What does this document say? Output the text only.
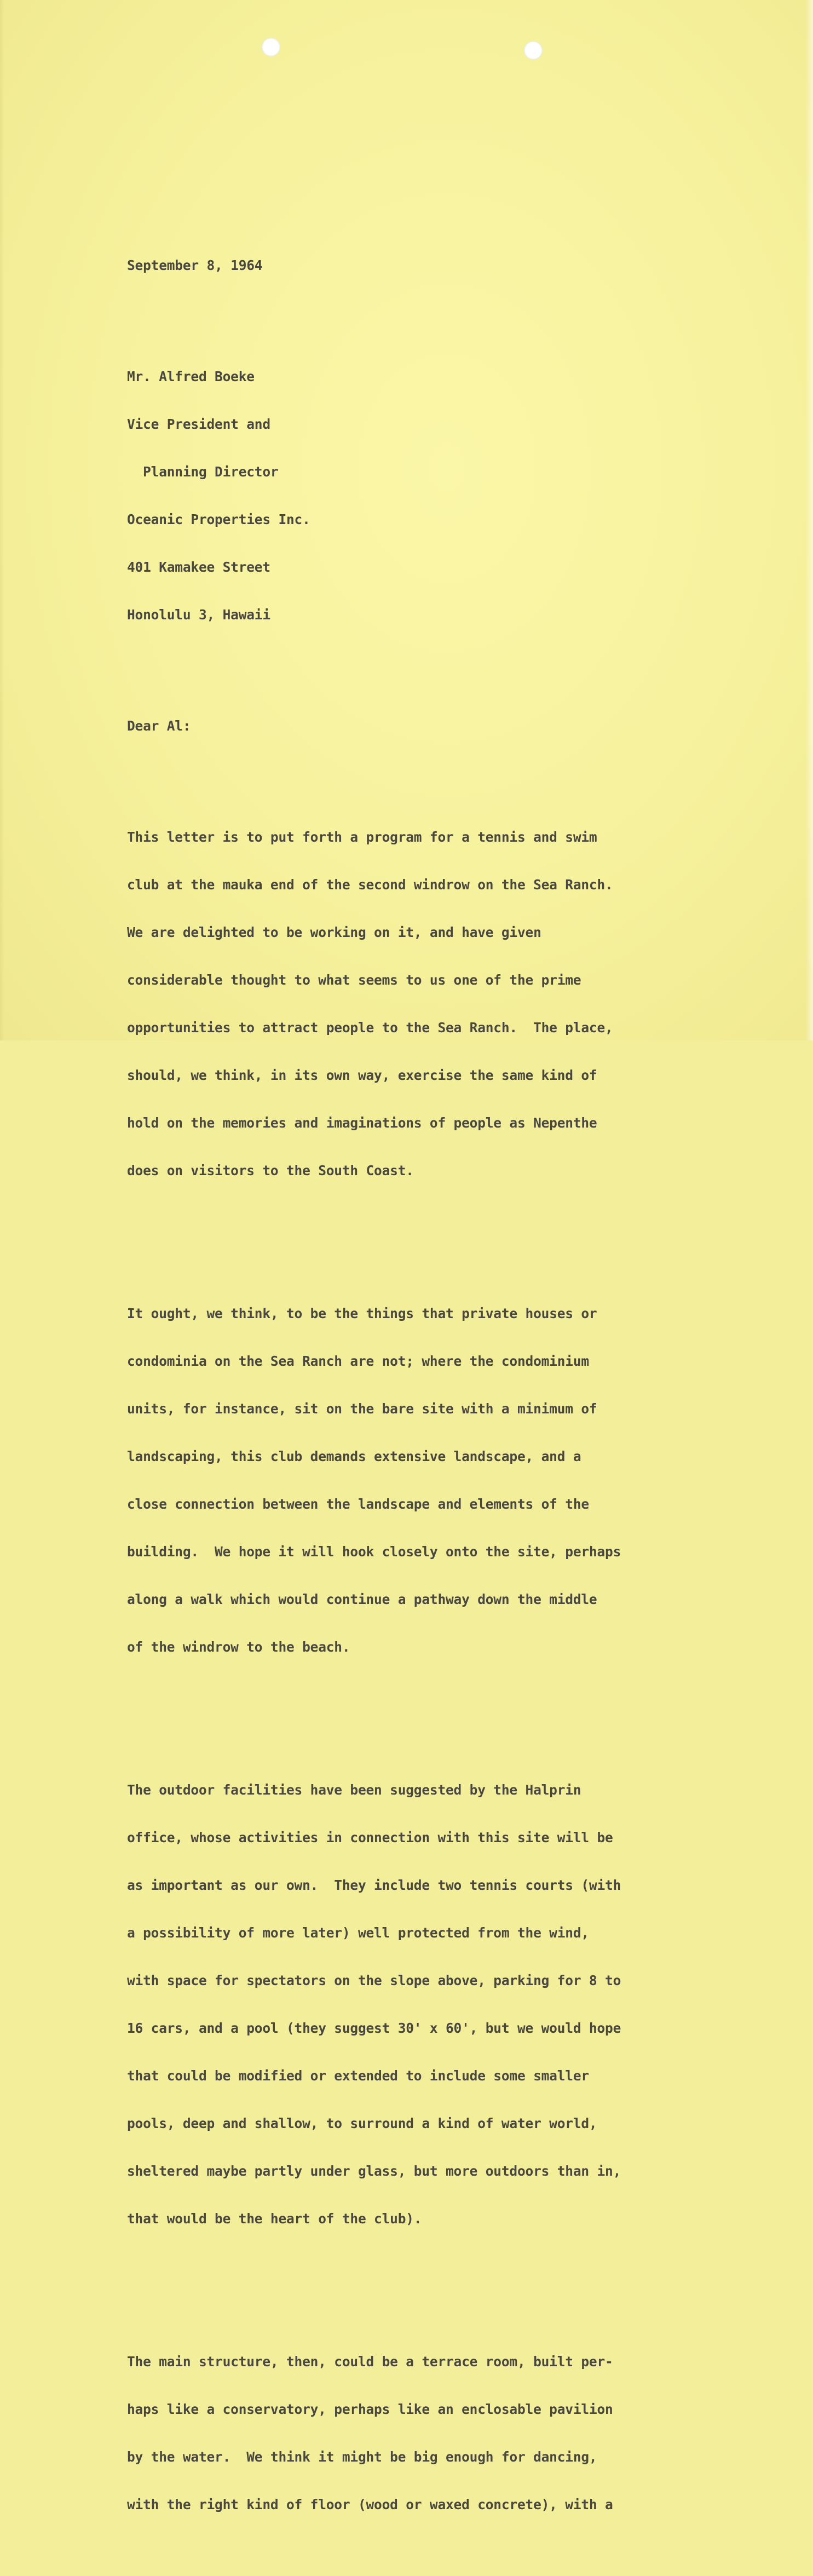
September 8, 1964

Mr. Alfred Boeke

Vice President and

Planning Director

Oceanic Properties Inc.

401 Kamakee Street

Honolulu 3, Hawaii

Dear Al:

This letter is to put forth a program for a tennis and swim

club at the mauka end of the second windrow on the Sea Ranch.

We are delighted to be working on it, and have given

considerable thought to what seems to us one of the prime

opportunities to attract people to the Sea Ranch.  The place,

should, we think, in its own way, exercise the same kind of

hold on the memories and imaginations of people as Nepenthe

does on visitors to the South Coast.

It ought, we think, to be the things that private houses or

condominia on the Sea Ranch are not; where the condominium

units, for instance, sit on the bare site with a minimum of

landscaping, this club demands extensive landscape, and a

close connection between the landscape and elements of the

building.  We hope it will hook closely onto the site, perhaps

along a walk which would continue a pathway down the middle

of the windrow to the beach.

The outdoor facilities have been suggested by the Halprin

office, whose activities in connection with this site will be

as important as our own.  They include two tennis courts (with

a possibility of more later) well protected from the wind,

with space for spectators on the slope above, parking for 8 to

16 cars, and a pool (they suggest 30' x 60', but we would hope

that could be modified or extended to include some smaller

pools, deep and shallow, to surround a kind of water world,

sheltered maybe partly under glass, but more outdoors than in,

that would be the heart of the club).

The main structure, then, could be a terrace room, built per-

haps like a conservatory, perhaps like an enclosable pavilion

by the water.  We think it might be big enough for dancing,

with the right kind of floor (wood or waxed concrete), with a
